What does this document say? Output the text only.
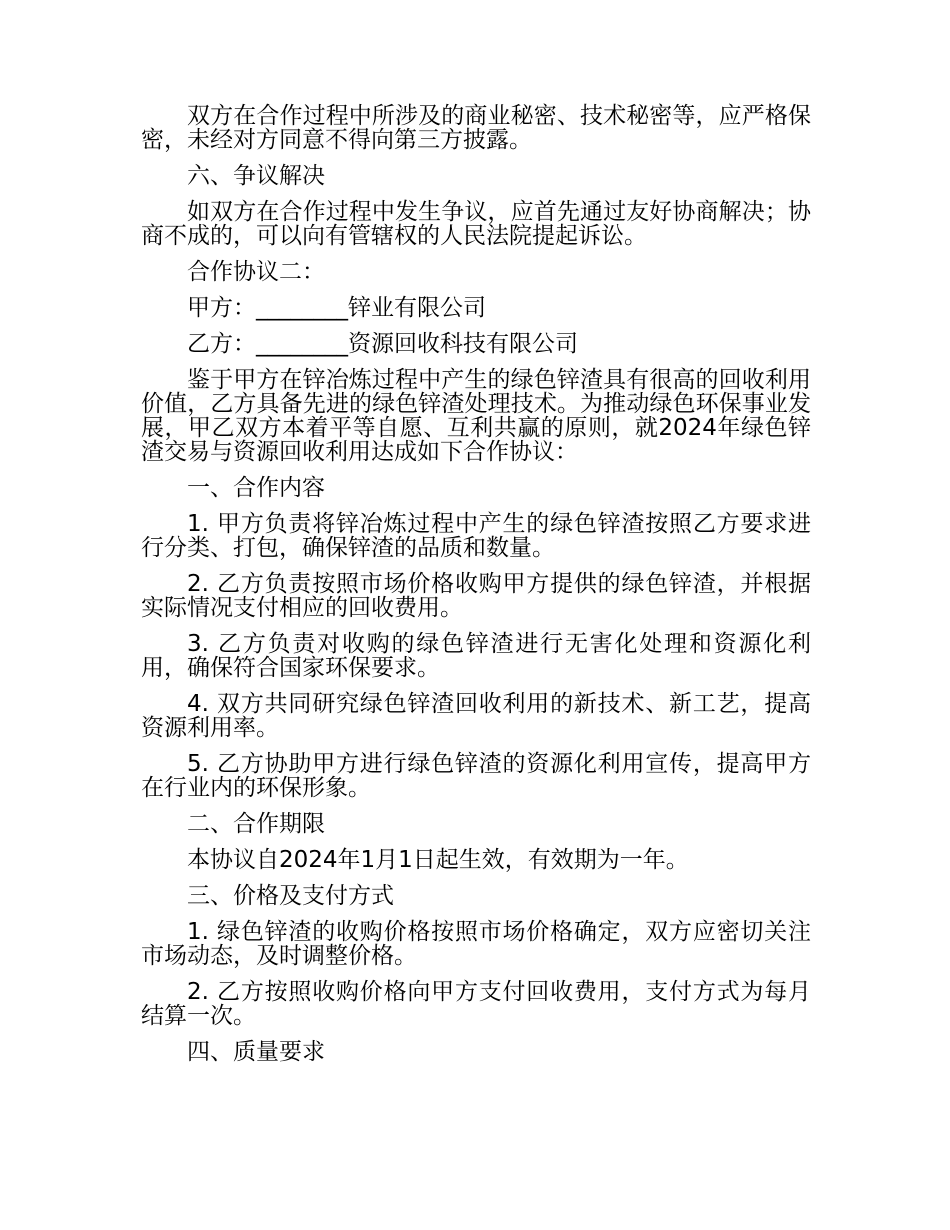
双方在合作过程中所涉及的商业秘密、技术秘密等，应严格保密，未经对方同意不得向第三方披露。

六、争议解决

如双方在合作过程中发生争议，应首先通过友好协商解决；协商不成的，可以向有管辖权的人民法院提起诉讼。

合作协议二：

甲方：________锌业有限公司

乙方：________资源回收科技有限公司

鉴于甲方在锌冶炼过程中产生的绿色锌渣具有很高的回收利用价值，乙方具备先进的绿色锌渣处理技术。为推动绿色环保事业发展，甲乙双方本着平等自愿、互利共赢的原则，就2024年绿色锌渣交易与资源回收利用达成如下合作协议：

一、合作内容

1. 甲方负责将锌冶炼过程中产生的绿色锌渣按照乙方要求进行分类、打包，确保锌渣的品质和数量。

2. 乙方负责按照市场价格收购甲方提供的绿色锌渣，并根据实际情况支付相应的回收费用。

3. 乙方负责对收购的绿色锌渣进行无害化处理和资源化利用，确保符合国家环保要求。

4. 双方共同研究绿色锌渣回收利用的新技术、新工艺，提高资源利用率。

5. 乙方协助甲方进行绿色锌渣的资源化利用宣传，提高甲方在行业内的环保形象。

二、合作期限

本协议自2024年1月1日起生效，有效期为一年。

三、价格及支付方式

1. 绿色锌渣的收购价格按照市场价格确定，双方应密切关注市场动态，及时调整价格。

2. 乙方按照收购价格向甲方支付回收费用，支付方式为每月结算一次。

四、质量要求
